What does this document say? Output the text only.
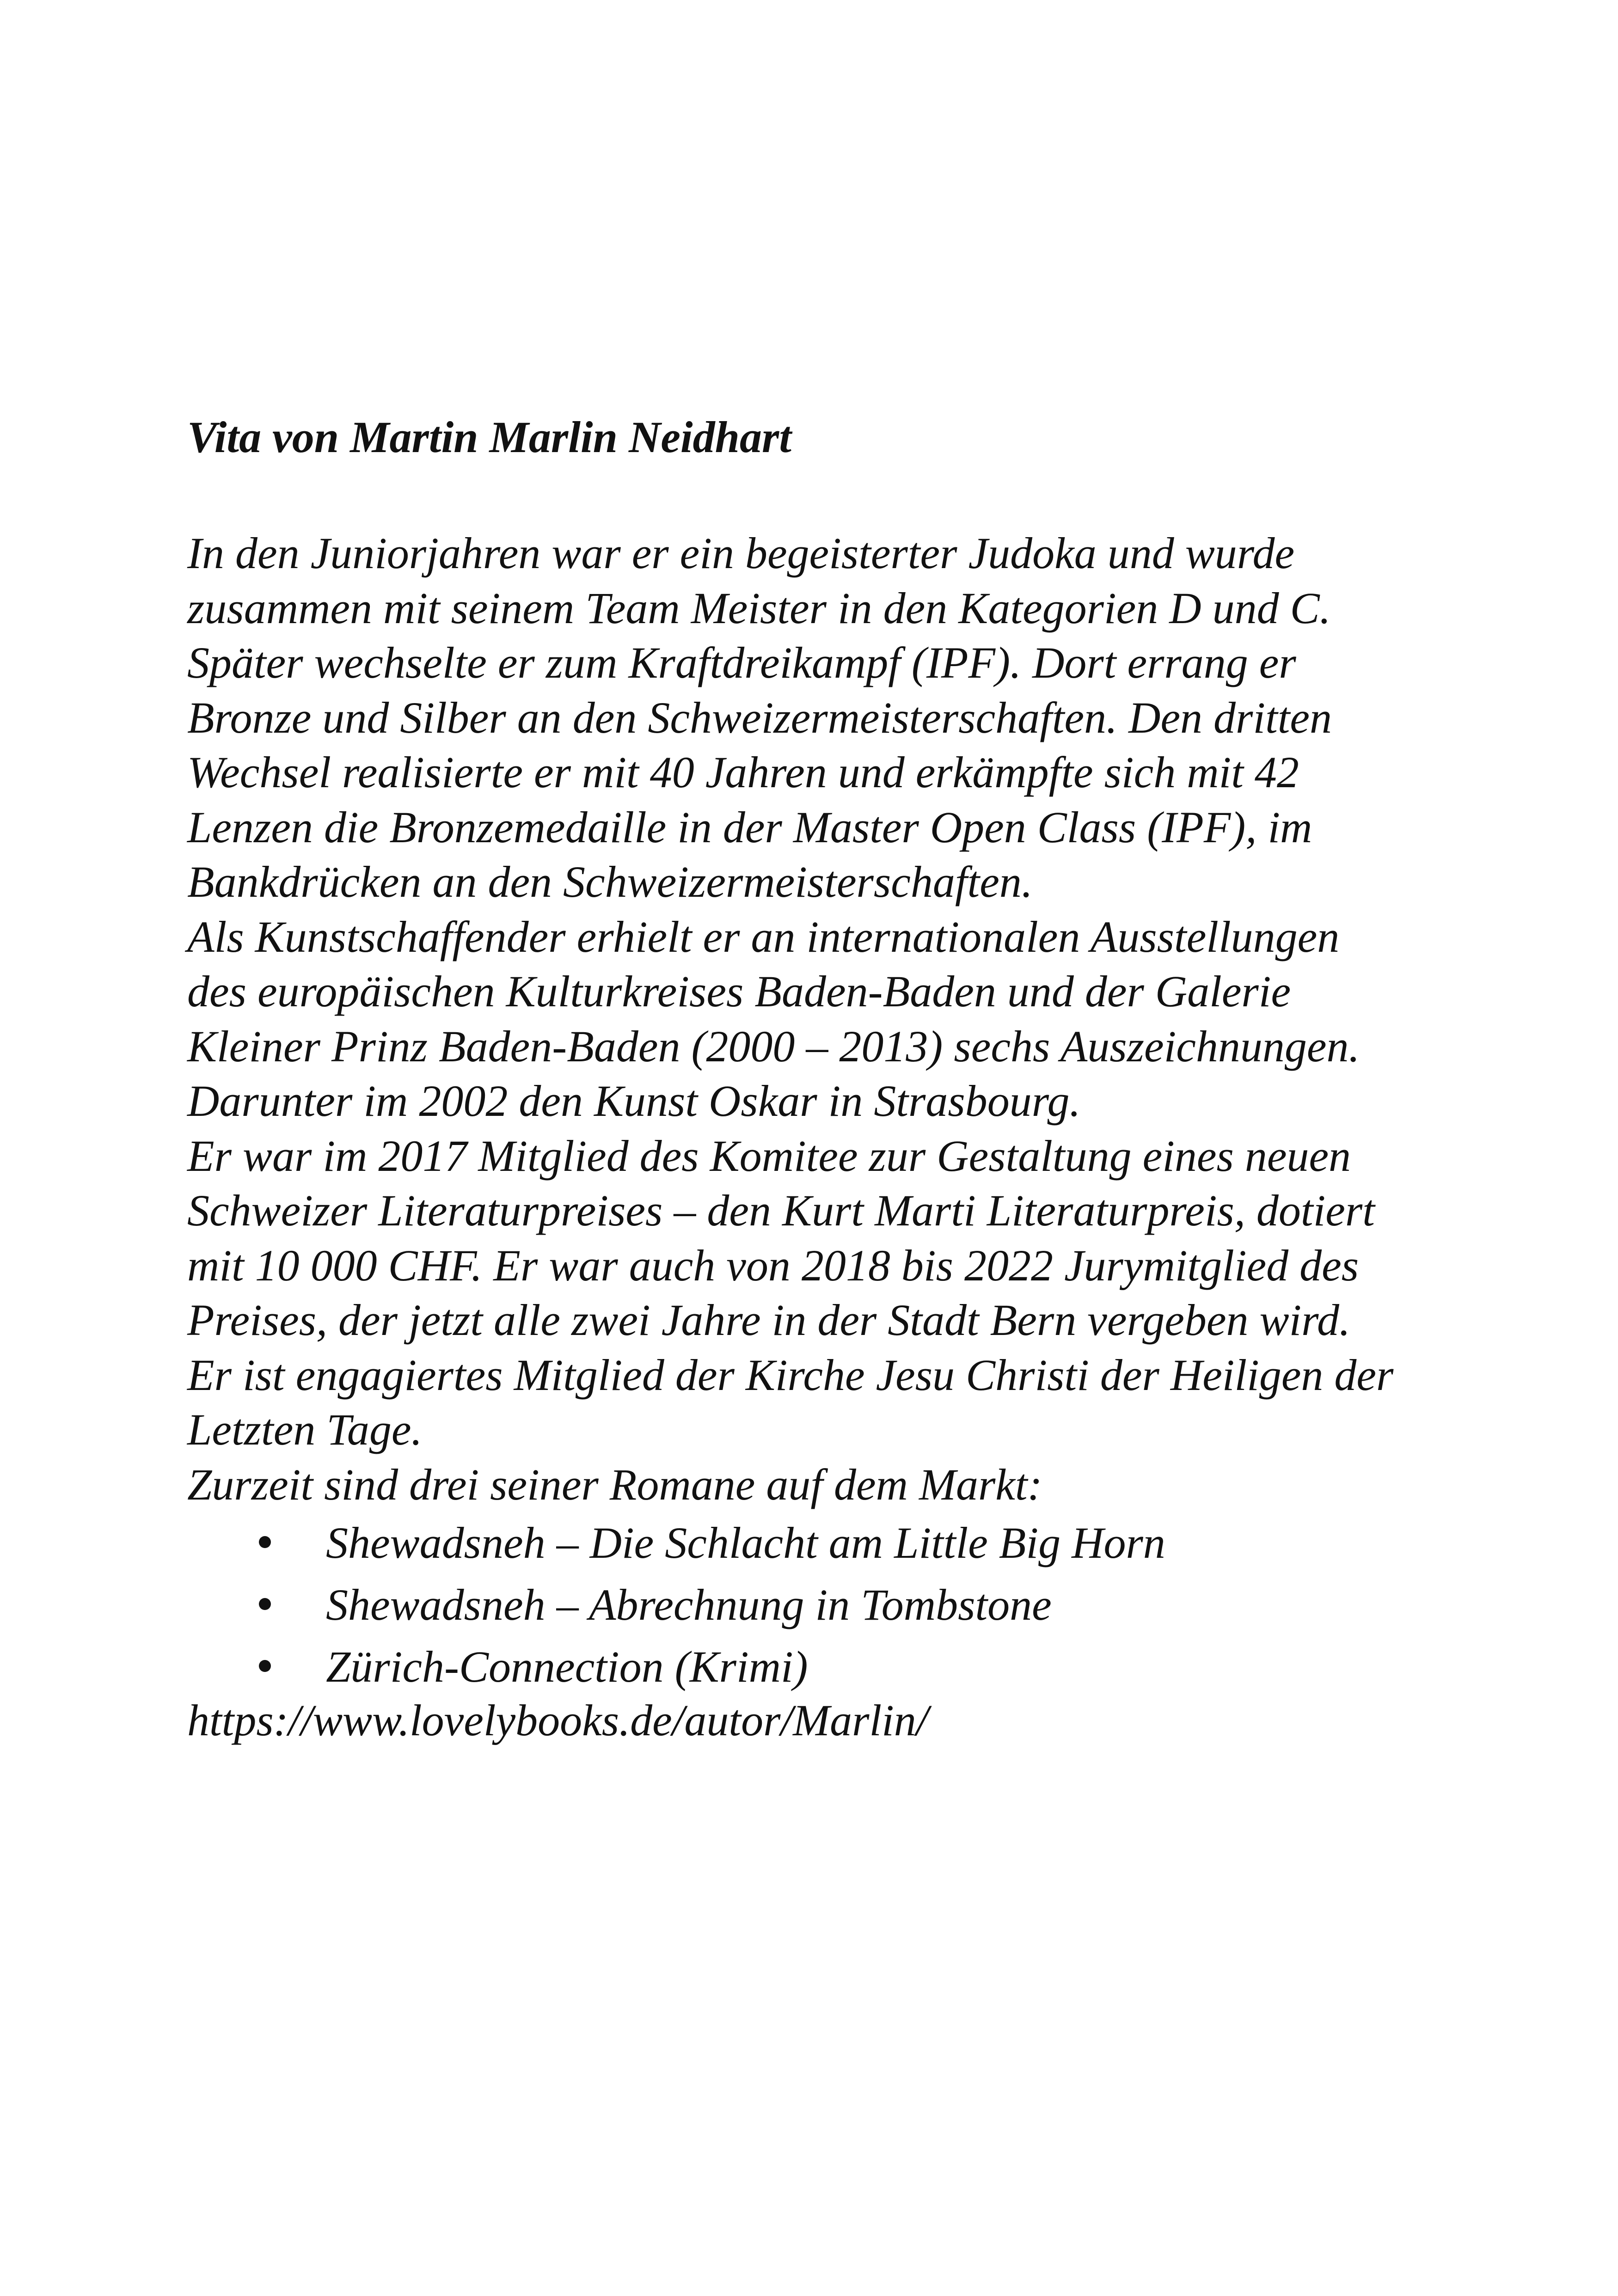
Vita von Martin Marlin Neidhart
In den Juniorjahren war er ein begeisterter Judoka und wurde
zusammen mit seinem Team Meister in den Kategorien D und C.
Später wechselte er zum Kraftdreikampf (IPF). Dort errang er
Bronze und Silber an den Schweizermeisterschaften. Den dritten
Wechsel realisierte er mit 40 Jahren und erkämpfte sich mit 42
Lenzen die Bronzemedaille in der Master Open Class (IPF), im
Bankdrücken an den Schweizermeisterschaften.
Als Kunstschaffender erhielt er an internationalen Ausstellungen
des europäischen Kulturkreises Baden-Baden und der Galerie
Kleiner Prinz Baden-Baden (2000 – 2013) sechs Auszeichnungen.
Darunter im 2002 den Kunst Oskar in Strasbourg.
Er war im 2017 Mitglied des Komitee zur Gestaltung eines neuen
Schweizer Literaturpreises – den Kurt Marti Literaturpreis, dotiert
mit 10 000 CHF. Er war auch von 2018 bis 2022 Jurymitglied des
Preises, der jetzt alle zwei Jahre in der Stadt Bern vergeben wird.
Er ist engagiertes Mitglied der Kirche Jesu Christi der Heiligen der
Letzten Tage.
Zurzeit sind drei seiner Romane auf dem Markt:
Shewadsneh – Die Schlacht am Little Big Horn
Shewadsneh – Abrechnung in Tombstone
Zürich-Connection (Krimi)
https://www.lovelybooks.de/autor/Marlin/
